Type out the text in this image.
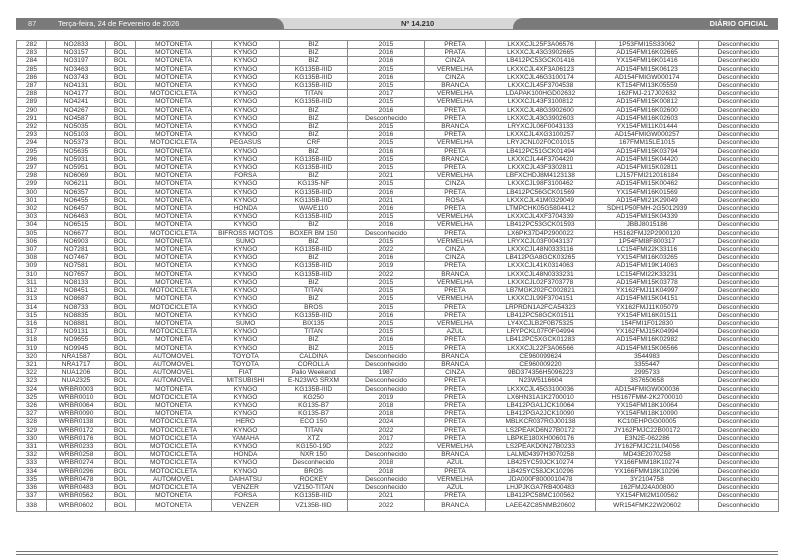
87	Terça-feira, 24 de Fevereiro de 2026	Nº 14.210	DIÁRIO OFICIAL
282	NO2833	BOL	MOTONETA	KYNGO	BIZ	2015	PRETA	LKXXCJL25F3A06576	1P53FMI15S33062	Desconhecido
283	NO3157	BOL	MOTONETA	KYNGO	BIZ	2016	PRATA	LKXXCJL43G3902665	AD154FMI16K02665	Desconhecido
284	NO3197	BOL	MOTONETA	KYNGO	BIZ	2016	CINZA	LB412PC53GCK01416	YX154FMI16K01416	Desconhecido
285	NO3463	BOL	MOTONETA	KYNGO	KG135B-IIID	2015	VERMELHA	LKXXCJL4XF3A06123	AD154FMI15K06123	Desconhecido
286	NO3743	BOL	MOTONETA	KYNGO	KG135B-IIID	2016	CINZA	LKXXCJL46G3100174	AD154FMIGW000174	Desconhecido
287	NO4131	BOL	MOTONETA	KYNGO	KG135B-IIID	2015	BRANCA	LKXXCJL45F3704538	KT154FMI13K05559	Desconhecido
288	NO4177	BOL	MOTOCICLETA	KYNGO	TITAN	2017	VERMELHA	LDAPAK100HGD02632	162FMJ-217J02632	Desconhecido
289	NO4241	BOL	MOTONETA	KYNGO	KG135B-IIID	2015	VERMELHA	LKXXCJL43F3100812	AD154FMI15K00812	Desconhecido
290	NO4267	BOL	MOTONETA	KYNGO	BIZ	2016	PRETA	LKXXCJL48G3902600	AD154FMI16K02600	Desconhecido
291	NO4587	BOL	MOTONETA	KYNGO	BIZ	Desconhecido	PRETA	LKXXCJL43G3902603	AD154FMI16K02603	Desconhecido
292	NO5035	BOL	MOTONETA	KYNGO	BIZ	2015	BRANCA	LRYXCJL06F0043133	YX154FMI11K01444	Desconhecido
293	NO5103	BOL	MOTONETA	KYNGO	BIZ	2016	PRETA	LKXXCJL4XG3100257	AD154FMIGW000257	Desconhecido
294	NO5373	BOL	MOTOCICLETA	PEGASUS	CRF	2015	VERMELHA	LRYJCNL02F0C01015	167FMM15LE1015	Desconhecido
295	NO5635	BOL	MOTONETA	KYNGO	BIZ	2016	PRETA	LB412PC51GCK01494	AD154FMI15K03794	Desconhecido
296	NO5931	BOL	MOTONETA	KYNGO	KG135B-IIID	2015	BRANCA	LKXXCJL44F3704420	AD154FMI15K04420	Desconhecido
297	NO5951	BOL	MOTONETA	KYNGO	KG135B-IIID	2015	PRETA	LKXXCJL43F3302811	AD154FMI15K02811	Desconhecido
298	NO6069	BOL	MOTONETA	FORSA	BIZ	2021	VERMELHA	LBFXCHDJ8M4123138	LJ157FMI212016184	Desconhecido
299	NO6211	BOL	MOTONETA	KYNGO	KG135-NF	2015	CINZA	LKXXCJL98F3100462	AD154FMI15K00462	Desconhecido
300	NO6357	BOL	MOTONETA	KYNGO	KG135B-IIID	2016	PRETA	LB412PC56GCK01569	YX154FMI16K01569	Desconhecido
301	NO6455	BOL	MOTONETA	KYNGO	KG135B-IIID	2021	ROSA	LKXXCJL41M0329049	AD154FMI21K29049	Desconhecido
302	NO6457	BOL	MOTONETA	HONDA	WAVE110	2016	PRETA	LTMPCHK05G5804412	SDH1P50FMH-2G5012939	Desconhecido
303	NO6463	BOL	MOTONETA	KYNGO	KG135B-IIID	2015	VERMELHA	LKXXCJL4XF3704339	AD154FMI15K04339	Desconhecido
304	NO6515	BOL	MOTONETA	KYNGO	BIZ	2016	VERMELHA	LB412PC53GCK01593	JBBJ8015186	Desconhecido
305	NO6677	BOL	MOTOCICLETA	BIFROSS MOTOS	BOXER BM 150	Desconhecido	PRETA	LX6PK37D4P2900022	HS162FMJ2P2900120	Desconhecido
306	NO6903	BOL	MOTONETA	SUMO	BIZ	2015	VERMELHA	LRYXCJL03F0043137	1P54FMI8F800317	Desconhecido
307	NO7281	BOL	MOTONETA	KYNGO	KG135B-IIID	2022	CINZA	LKXXCJL48N0333116	LC154FMI22K33116	Desconhecido
308	NO7467	BOL	MOTONETA	KYNGO	BIZ	2016	CINZA	LB412PGA8GCK03265	YX154FMI16K03265	Desconhecido
309	NO7581	BOL	MOTONETA	KYNGO	KG135B-IIID	2019	PRETA	LKXXCJL41K0314063	AD154FMI19K14063	Desconhecido
310	NO7657	BOL	MOTONETA	KYNGO	KG135B-IIID	2022	BRANCA	LKXXCJL48N0333231	LC154FMI22K33231	Desconhecido
311	NO8133	BOL	MOTONETA	KYNGO	BIZ	2015	VERMELHA	LKXXCJL02F3703778	AD154FMI15K03778	Desconhecido
312	NO8451	BOL	MOTOCICLETA	KYNGO	TITAN	2015	PRETA	LB7MGK202FC002821	YX162FMJ11K04997	Desconhecido
313	NO8687	BOL	MOTONETA	KYNGO	BIZ	2015	VERMELHA	LKXXCJL99F3704151	AD154FMI15K04151	Desconhecido
314	NO8733	BOL	MOTOCICLETA	KYNGO	BROS	2015	PRETA	LRPRDN1A2FCA54323	YX162FMJ11K05079	Desconhecido
315	NO8835	BOL	MOTONETA	KYNGO	KG135B-IIID	2016	PRETA	LB412PC58GCK01511	YX154FMI16K01511	Desconhecido
316	NO8881	BOL	MOTONETA	SUMO	BIX135	2015	VERMELHA	LY4XCJLB2F0B75325	154FMI1F012830	Desconhecido
317	NO9131	BOL	MOTOCICLETA	KYNGO	TITAN	2015	AZUL	LRYPCKL07F0F04994	YX162FMJ15K04994	Desconhecido
318	NO9655	BOL	MOTONETA	KYNGO	BIZ	2016	PRETA	LB412PC5XGCK01283	AD154FMI16K02982	Desconhecido
319	NO9945	BOL	MOTONETA	KYNGO	BIZ	2015	PRETA	LKXXCJL22F3A06566	AD154FMI15K06566	Desconhecido
320	NRA1587	BOL	AUTOMÓVEL	TOYOTA	CALDINA	Desconhecido	BRANCA	CE960099624	3544983	Desconhecido
321	NRA1717	BOL	AUTOMÓVEL	TOYOTA	COROLLA	Desconhecido	BRANCA	CE960009220	3355447	Desconhecido
322	NUA1206	BOL	AUTOMÓVEL	FIAT	Palio Weekend	1987	CINZA	9BD374356H5096223	2995733	Desconhecido
323	NUA2325	BOL	AUTOMÓVEL	MITSUBISHI	E-N23WG SRXM	Desconhecido	PRETA	N23W5116604	3S7650658	Desconhecido
324	WRBR0003	BOL	MOTONETA	KYNGO	KG135B-IIID	Desconhecido	PRETA	LKXXCJL45G3100036	AD154FMIGW000036	Desconhecido
325	WRBR0010	BOL	MOTOCICLETA	KYNGO	KG250	2019	PRETA	LX6HN31A1K2700010	HS167FMM-2K2700010	Desconhecido
326	WRBR0064	BOL	MOTONETA	KYNGO	KG135-B7	2018	PRETA	LB412PGA1JCK10064	YX154FMI18K10064	Desconhecido
327	WRBR0090	BOL	MOTONETA	KYNGO	KG135-B7	2018	PRETA	LB412PGA2JCK10090	YX154FMI18K10090	Desconhecido
328	WRBR0138	BOL	MOTOCICLETA	HERO	ECO 150	2024	PRETA	MBLKCR037RGJ00138	KC10EHPGG00005	Desconhecido
329	WRBR0172	BOL	MOTOCICLETA	KYNGO	TITAN	2022	PRETA	LS2PEAKD6N27B0172	JY162FMJC22B00172	Desconhecido
330	WRBR0176	BOL	MOTOCICLETA	YAMAHA	XTZ	2017	PRETA	LBPKE180XH0060176	E3N2E-062286	Desconhecido
331	WRBR0233	BOL	MOTOCICLETA	KYNGO	KG150-19D	2022	VERMELHA	LS2PEAKD0N27B0233	JY162FMJC21L04056	Desconhecido
332	WRBR0258	BOL	MOTOCICLETA	HONDA	NXR 150	Desconhecido	BRANCA	LALMD4397H3070258	MD43E2070258	Desconhecido
333	WRBR0274	BOL	MOTOCICLETA	KYNGO	Desconhecido	2018	AZUL	LB425YC59JCK10274	YX166FMM18K10274	Desconhecido
334	WRBR0296	BOL	MOTOCICLETA	KYNGO	BROS	2018	PRETA	LB425YC58JCK10296	YX166FMM18K10296	Desconhecido
335	WRBR0478	BOL	AUTOMÓVEL	DAIHATSU	ROCKEY	Desconhecido	VERMELHA	JDA000F8000010478	3Y2104758	Desconhecido
336	WRBR0483	BOL	MOTOCICLETA	VENZER	VZ150-TITAN	Desconhecido	AZUL	LHJPJKGA7RB400483	162FMJ24A00800	Desconhecido
337	WRBR0562	BOL	MOTONETA	FORSA	KG135B-IIID	2021	PRETA	LB412PC58MC100562	YX154FMI2M100562	Desconhecido
338	WRBR0602	BOL	MOTONETA	VENZER	VZ135B-IIID	2022	BRANCA	LAEE4ZC85NMB20602	WR154FMK22W20602	Desconhecido
